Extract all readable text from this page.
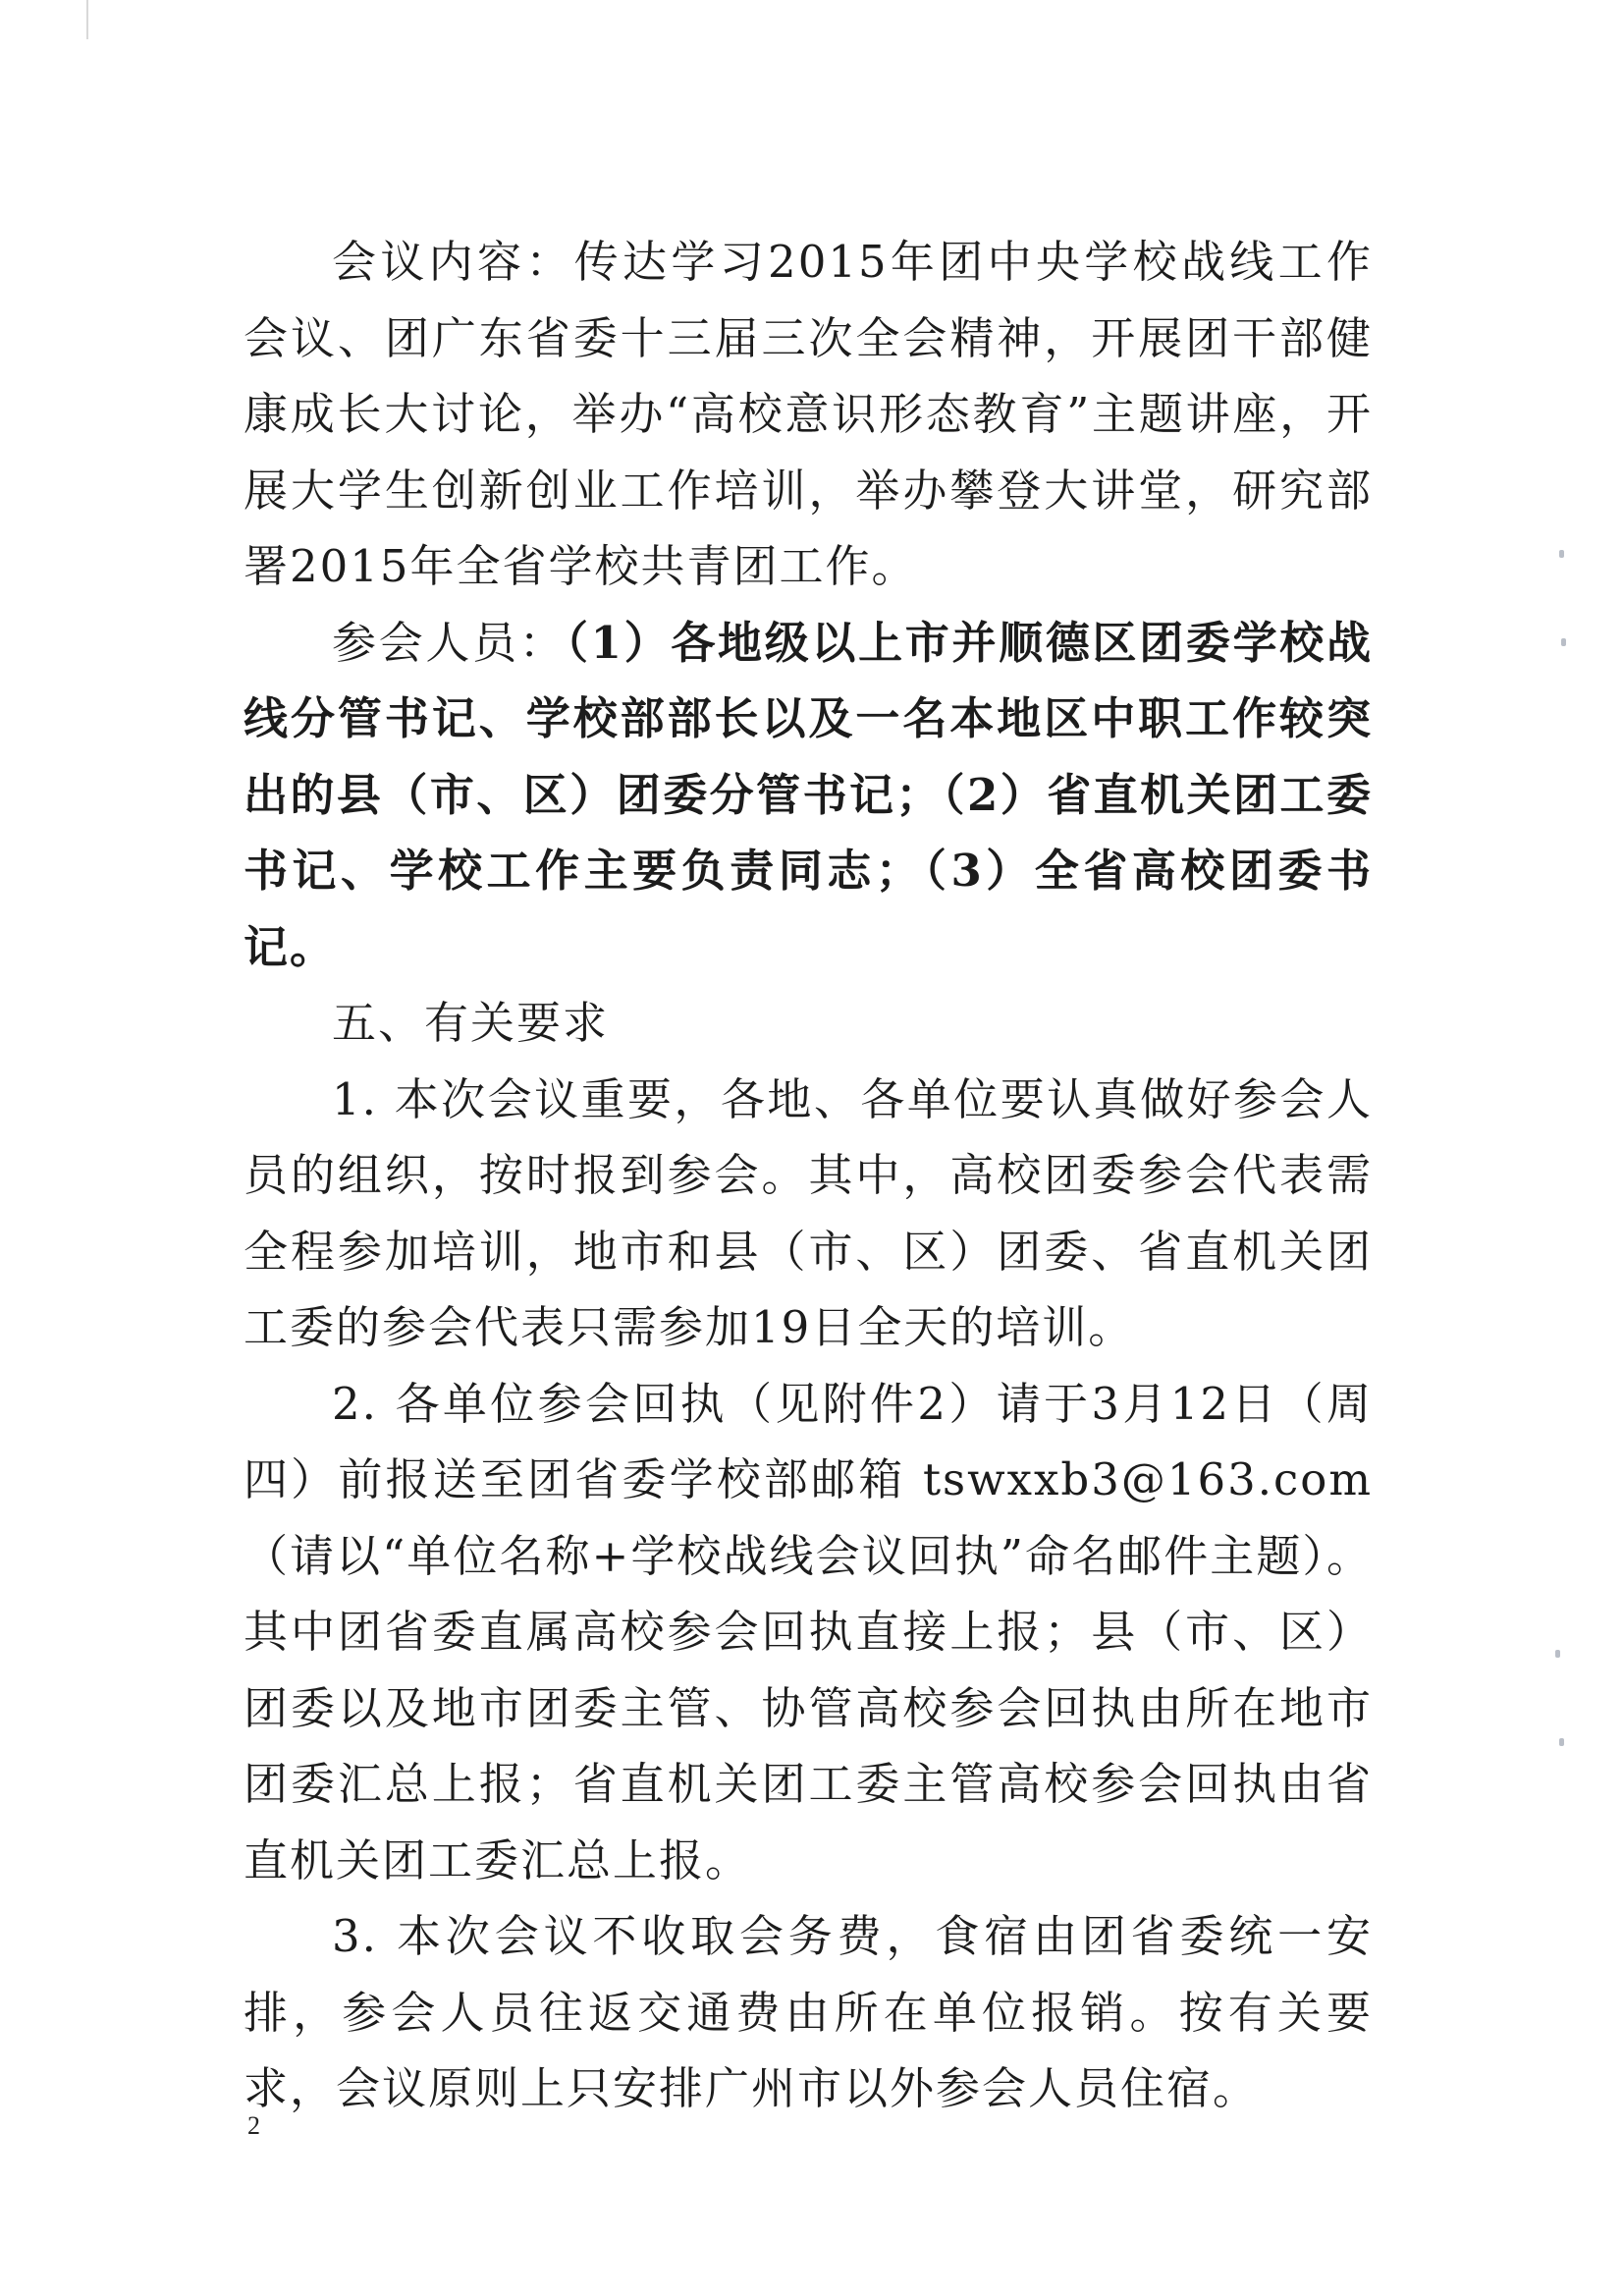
会议内容：传达学习2015年团中央学校战线工作会议、团广东省委十三届三次全会精神，开展团干部健康成长大讨论，举办“高校意识形态教育”主题讲座，开展大学生创新创业工作培训，举办攀登大讲堂，研究部署2015年全省学校共青团工作。

参会人员：（1）各地级以上市并顺德区团委学校战线分管书记、学校部部长以及一名本地区中职工作较突出的县（市、区）团委分管书记；（2）省直机关团工委书记、学校工作主要负责同志；（3）全省高校团委书记。

五、有关要求

1. 本次会议重要，各地、各单位要认真做好参会人员的组织，按时报到参会。其中，高校团委参会代表需全程参加培训，地市和县（市、区）团委、省直机关团工委的参会代表只需参加19日全天的培训。

2. 各单位参会回执（见附件2）请于3月12日（周四）前报送至团省委学校部邮箱 tswxxb3@163.com（请以“单位名称+学校战线会议回执”命名邮件主题）。其中团省委直属高校参会回执直接上报；县（市、区）团委以及地市团委主管、协管高校参会回执由所在地市团委汇总上报；省直机关团工委主管高校参会回执由省直机关团工委汇总上报。

3. 本次会议不收取会务费，食宿由团省委统一安排，参会人员往返交通费由所在单位报销。按有关要求，会议原则上只安排广州市以外参会人员住宿。

2
